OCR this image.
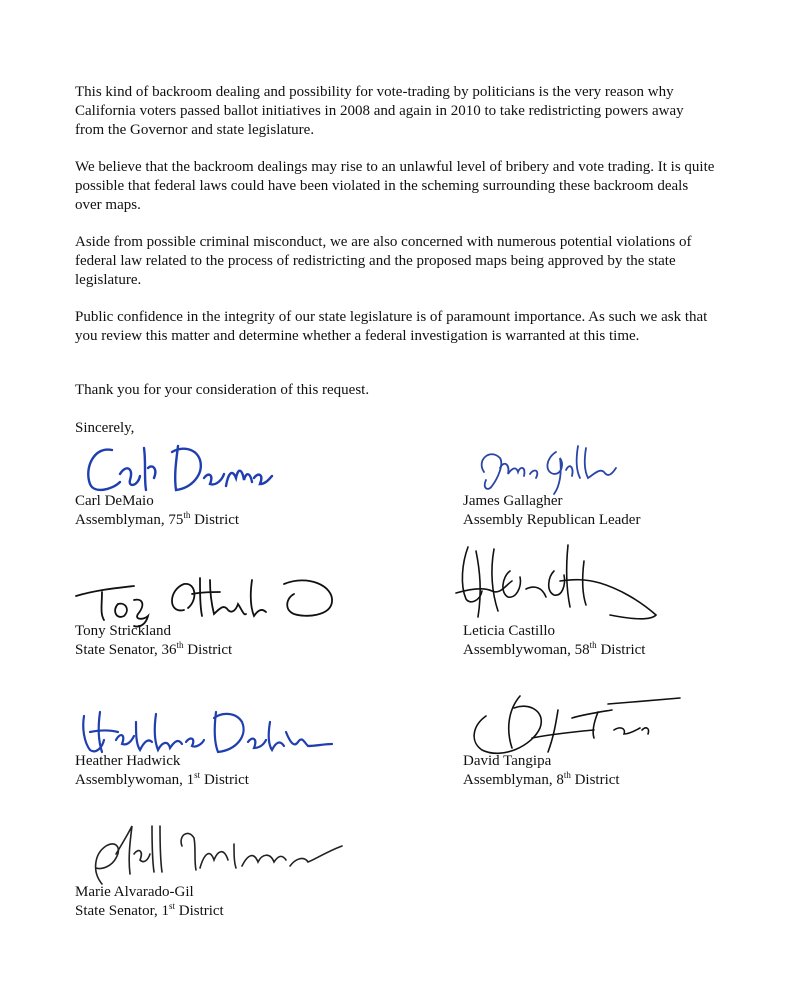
This kind of backroom dealing and possibility for vote-trading by politicians is the very reason why California voters passed ballot initiatives in 2008 and again in 2010 to take redistricting powers away from the Governor and state legislature.

We believe that the backroom dealings may rise to an unlawful level of bribery and vote trading. It is quite possible that federal laws could have been violated in the scheming surrounding these backroom deals over maps.

Aside from possible criminal misconduct, we are also concerned with numerous potential violations of federal law related to the process of redistricting and the proposed maps being approved by the state legislature.

Public confidence in the integrity of our state legislature is of paramount importance. As such we ask that you review this matter and determine whether a federal investigation is warranted at this time.

Thank you for your consideration of this request.

Sincerely,

Carl DeMaio
Assemblyman, 75th District
James Gallagher
Assembly Republican Leader
Tony Strickland
State Senator, 36th District
Leticia Castillo
Assemblywoman, 58th District
Heather Hadwick
Assemblywoman, 1st District
David Tangipa
Assemblyman, 8th District
Marie Alvarado-Gil
State Senator, 1st District
